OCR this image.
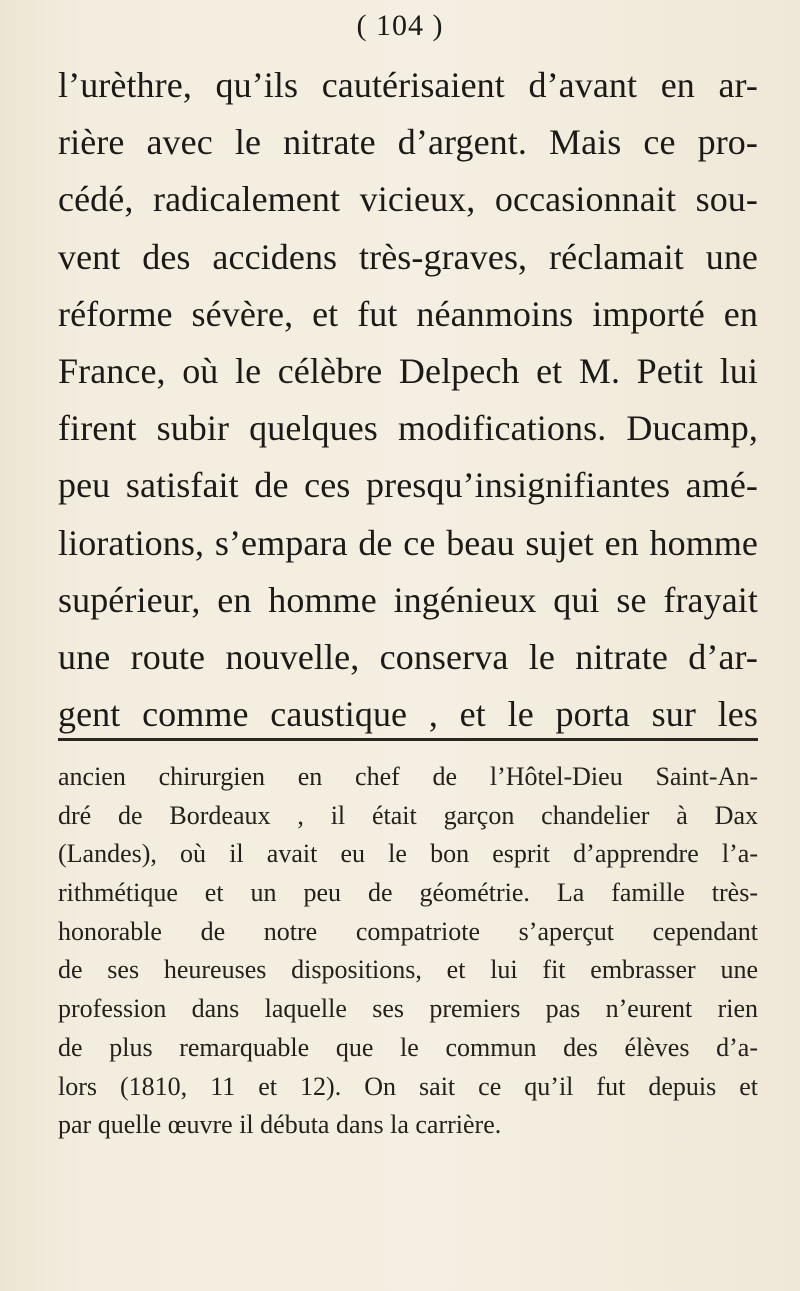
( 104 )
l’urèthre, qu’ils cautérisaient d’avant en ar-
rière avec le nitrate d’argent. Mais ce pro-
cédé, radicalement vicieux, occasionnait sou-
vent des accidens très-graves, réclamait une
réforme sévère, et fut néanmoins importé en
France, où le célèbre Delpech et M. Petit lui
firent subir quelques modifications. Ducamp,
peu satisfait de ces presqu’insignifiantes amé-
liorations, s’empara de ce beau sujet en homme
supérieur, en homme ingénieux qui se frayait
une route nouvelle, conserva le nitrate d’ar-
gent comme caustique , et le porta sur les
ancien chirurgien en chef de l’Hôtel-Dieu Saint-An-
dré de Bordeaux , il était garçon chandelier à Dax
(Landes), où il avait eu le bon esprit d’apprendre l’a-
rithmétique et un peu de géométrie. La famille très-
honorable de notre compatriote s’aperçut cependant
de ses heureuses dispositions, et lui fit embrasser une
profession dans laquelle ses premiers pas n’eurent rien
de plus remarquable que le commun des élèves d’a-
lors (1810, 11 et 12). On sait ce qu’il fut depuis et
par quelle œuvre il débuta dans la carrière.
